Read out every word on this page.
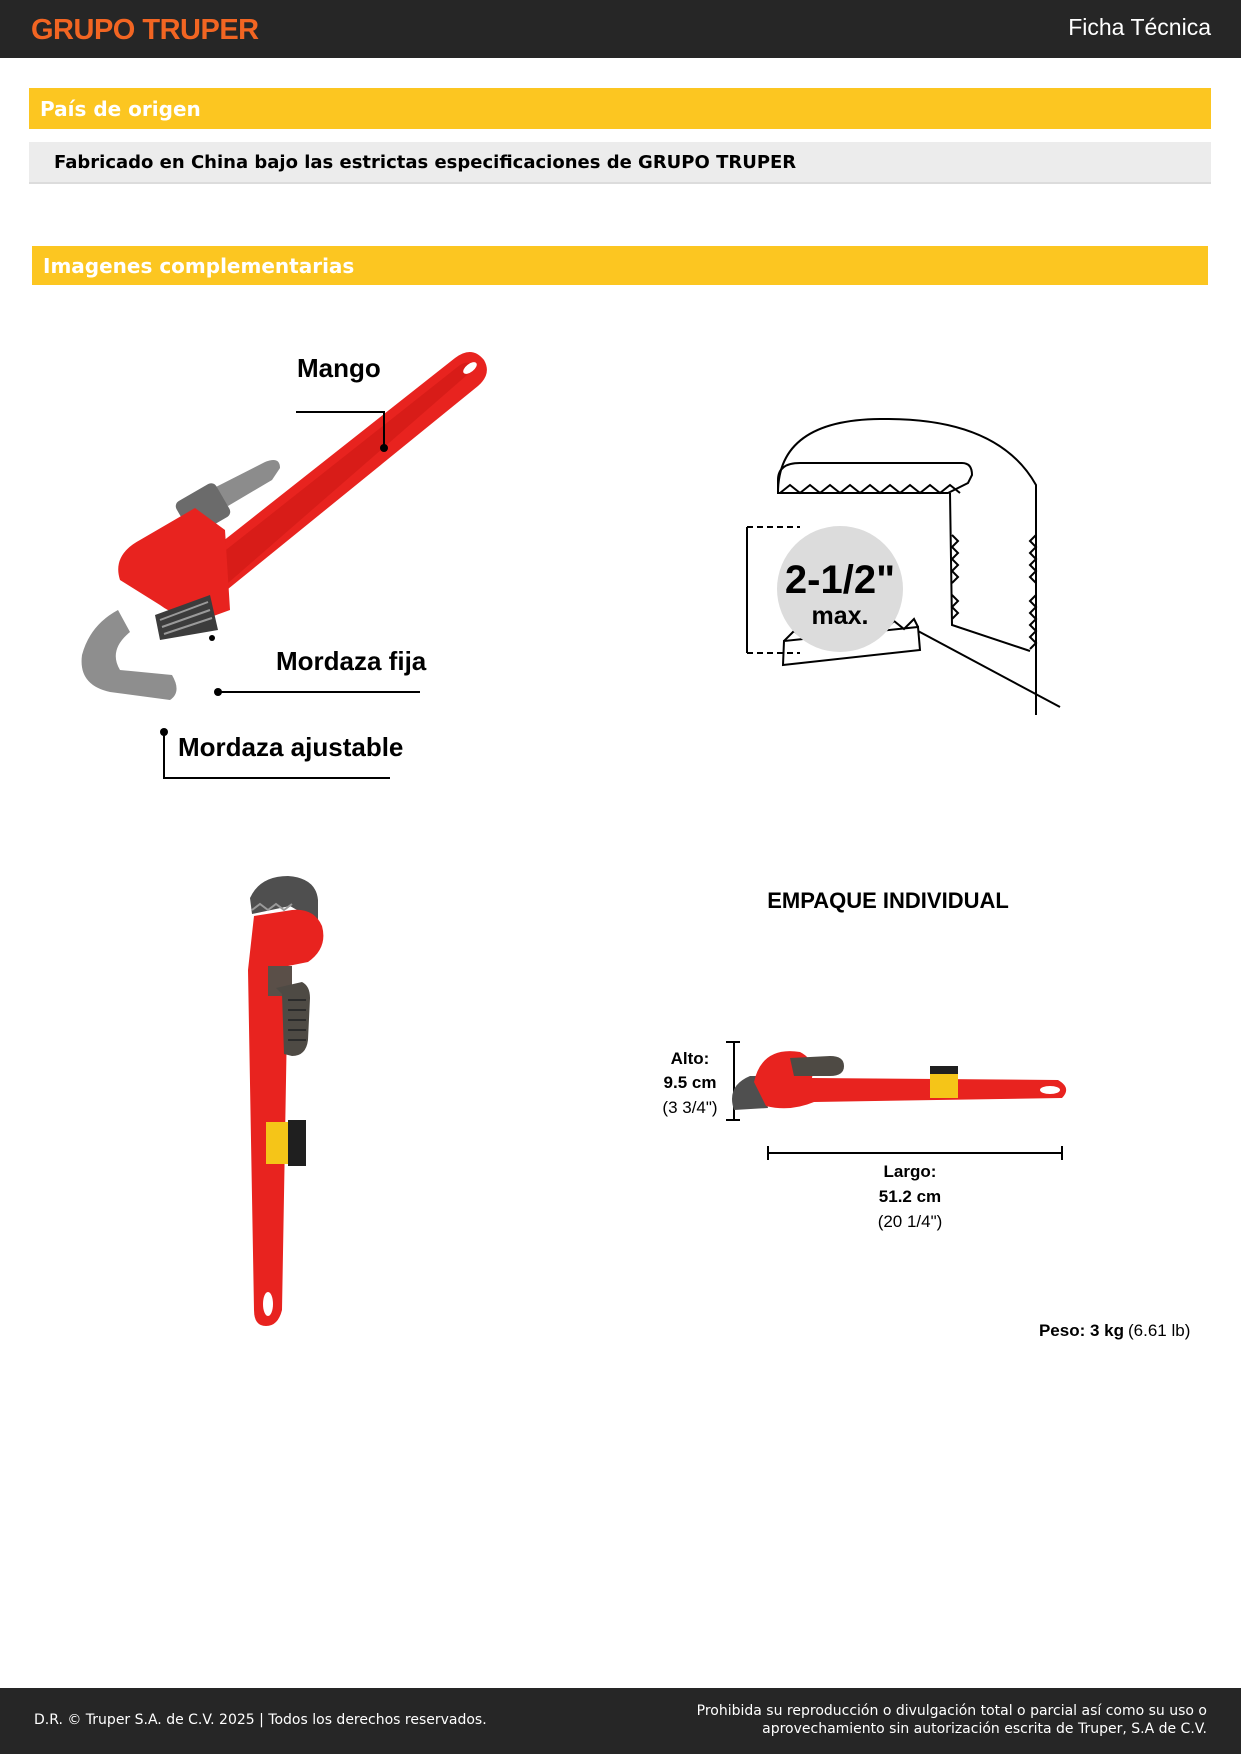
GRUPO TRUPER	Ficha Técnica
País de origen
Fabricado en China bajo las estrictas especificaciones de GRUPO TRUPER
Imagenes complementarias
Mango
Mordaza fija
Mordaza ajustable
2-1/2"
max.
EMPAQUE INDIVIDUAL
Alto:
9.5 cm
(3 3/4")
Largo:
51.2 cm
(20 1/4")
Peso: 3 kg (6.61 lb)
D.R. © Truper S.A. de C.V. 2025 | Todos los derechos reservados.
Prohibida su reproducción o divulgación total o parcial así como su uso o
aprovechamiento sin autorización escrita de Truper, S.A de C.V.
